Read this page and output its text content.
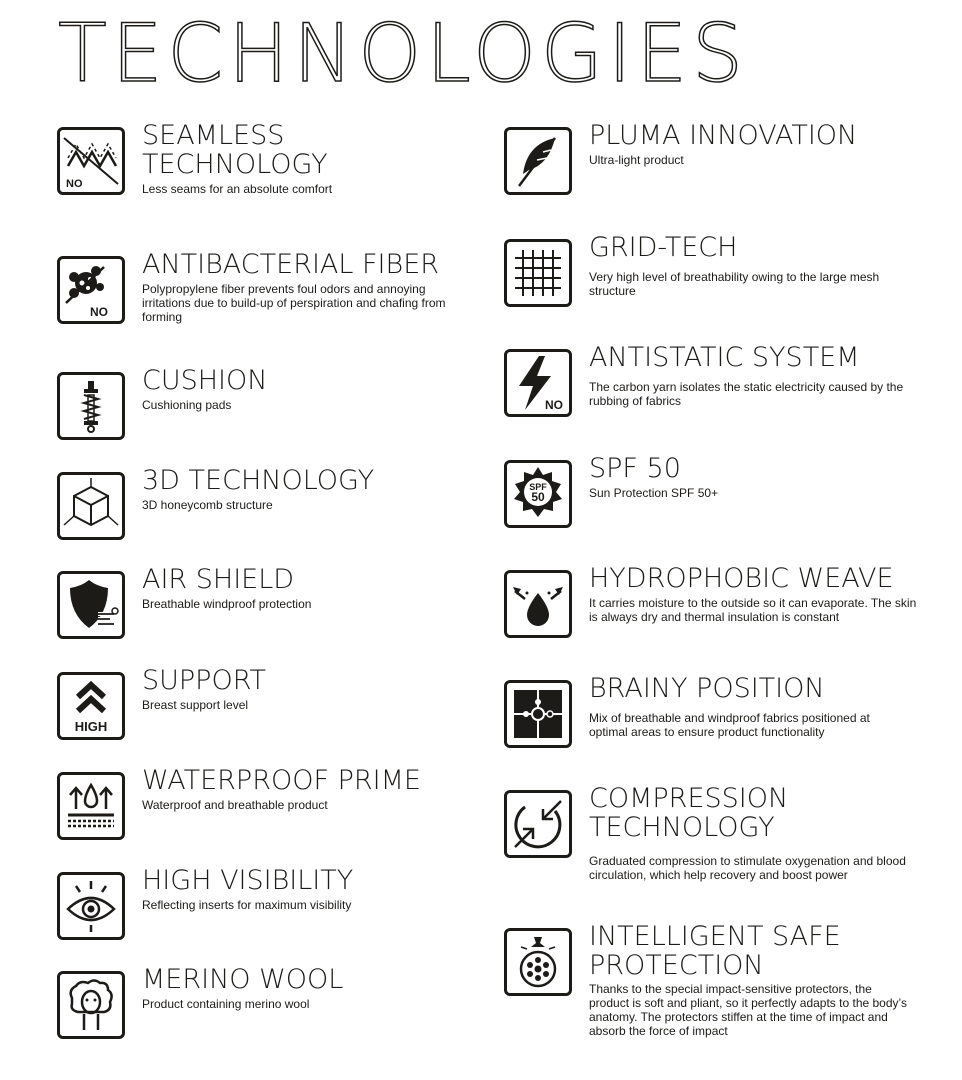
TECHNOLOGIES
NO
SEAMLESS TECHNOLOGY

Less seams for an absolute comfort

NO
ANTIBACTERIAL FIBER

Polypropylene fiber prevents foul odors and annoying irritations due to build-up of perspiration and chafing from forming

CUSHION

Cushioning pads

3D TECHNOLOGY

3D honeycomb structure

AIR SHIELD

Breathable windproof protection

HIGH
SUPPORT

Breast support level

WATERPROOF PRIME

Waterproof and breathable product

HIGH VISIBILITY

Reflecting inserts for maximum visibility

MERINO WOOL

Product containing merino wool

PLUMA INNOVATION

Ultra-light product

GRID-TECH

Very high level of breathability owing to the large mesh structure

NO
ANTISTATIC SYSTEM

The carbon yarn isolates the static electricity caused by the rubbing of fabrics

SPF
50
SPF 50

Sun Protection SPF 50+

HYDROPHOBIC WEAVE

It carries moisture to the outside so it can evaporate. The skin is always dry and thermal insulation is constant

BRAINY POSITION

Mix of breathable and windproof fabrics positioned at optimal areas to ensure product functionality

COMPRESSION TECHNOLOGY

Graduated compression to stimulate oxygenation and blood circulation, which help recovery and boost power

INTELLIGENT SAFE PROTECTION

Thanks to the special impact-sensitive protectors, the product is soft and pliant, so it perfectly adapts to the body’s anatomy. The protectors stiffen at the time of impact and absorb the force of impact
